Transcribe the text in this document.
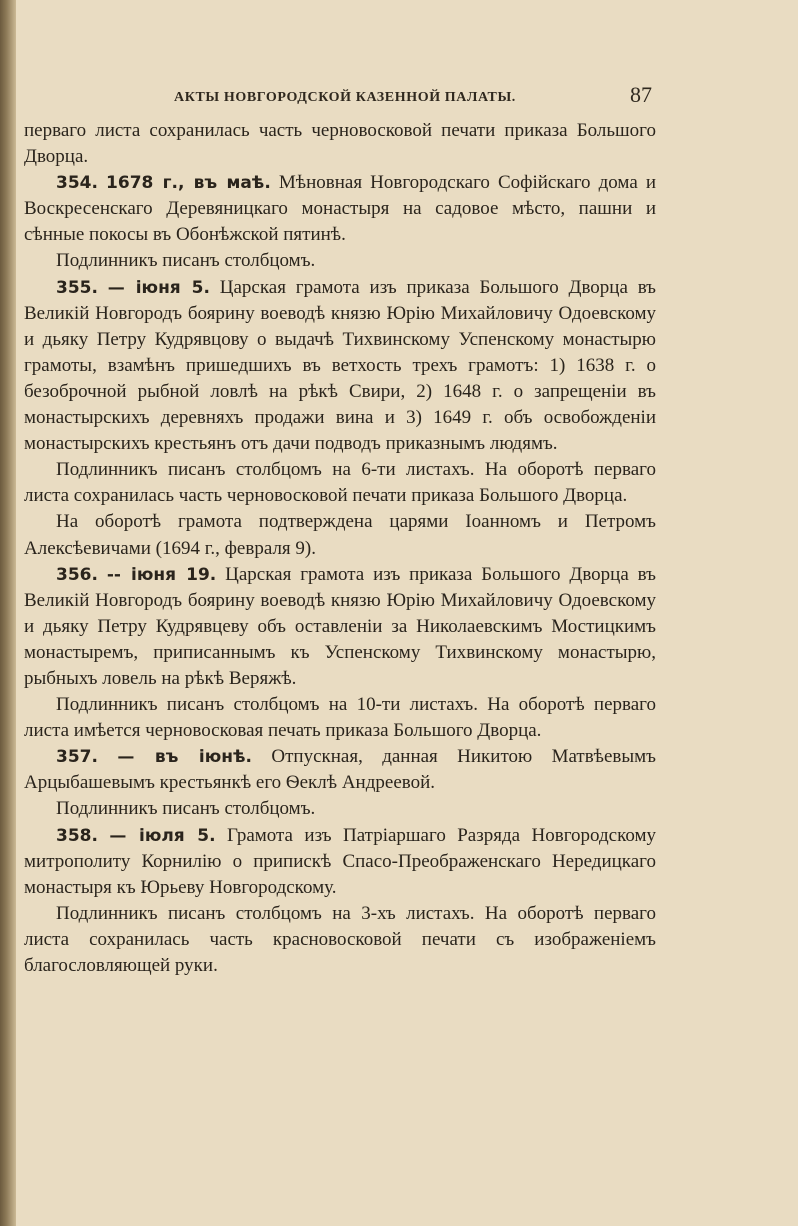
АКТЫ НОВГОРОДСКОЙ КАЗЕННОЙ ПАЛАТЫ.	87

перваго листа сохранилась часть черновосковой печати приказа Большого Дворца.

354. 1678 г., въ маѣ. Мѣновная Новгородскаго Софійскаго дома и Воскресенскаго Деревяницкаго монастыря на садовое мѣсто, пашни и сѣнные покосы въ Обонѣжской пятинѣ.

Подлинникъ писанъ столбцомъ.

355. — іюня 5. Царская грамота изъ приказа Большого Дворца въ Великій Новгородъ боярину воеводѣ князю Юрію Михайловичу Одоевскому и дьяку Петру Кудрявцову о выдачѣ Тихвинскому Успенскому монастырю грамоты, взамѣнъ пришедшихъ въ ветхость трехъ грамотъ: 1) 1638 г. о безоброчной рыбной ловлѣ на рѣкѣ Свири, 2) 1648 г. о запрещеніи въ монастырскихъ деревняхъ продажи вина и 3) 1649 г. объ освобожденіи монастырскихъ крестьянъ отъ дачи подводъ приказнымъ людямъ.

Подлинникъ писанъ столбцомъ на 6-ти листахъ. На оборотѣ перваго листа сохранилась часть черновосковой печати приказа Большого Дворца.

На оборотѣ грамота подтверждена царями Іоанномъ и Петромъ Алексѣевичами (1694 г., февраля 9).

356. -- іюня 19. Царская грамота изъ приказа Большого Дворца въ Великій Новгородъ боярину воеводѣ князю Юрію Михайловичу Одоевскому и дьяку Петру Кудрявцеву объ оставленіи за Николаевскимъ Мостицкимъ монастыремъ, приписаннымъ къ Успенскому Тихвинскому монастырю, рыбныхъ ловель на рѣкѣ Веряжѣ.

Подлинникъ писанъ столбцомъ на 10-ти листахъ. На оборотѣ перваго листа имѣется черновосковая печать приказа Большого Дворца.

357. — въ іюнѣ. Отпускная, данная Никитою Матвѣевымъ Арцыбашевымъ крестьянкѣ его Ѳеклѣ Андреевой.

Подлинникъ писанъ столбцомъ.

358. — іюля 5. Грамота изъ Патріаршаго Разряда Новгородскому митрополиту Корнилію о припискѣ Спасо-Преображенскаго Нередицкаго монастыря къ Юрьеву Новгородскому.

Подлинникъ писанъ столбцомъ на 3-хъ листахъ. На оборотѣ перваго листа сохранилась часть красновосковой печати съ изображеніемъ благословляющей руки.
